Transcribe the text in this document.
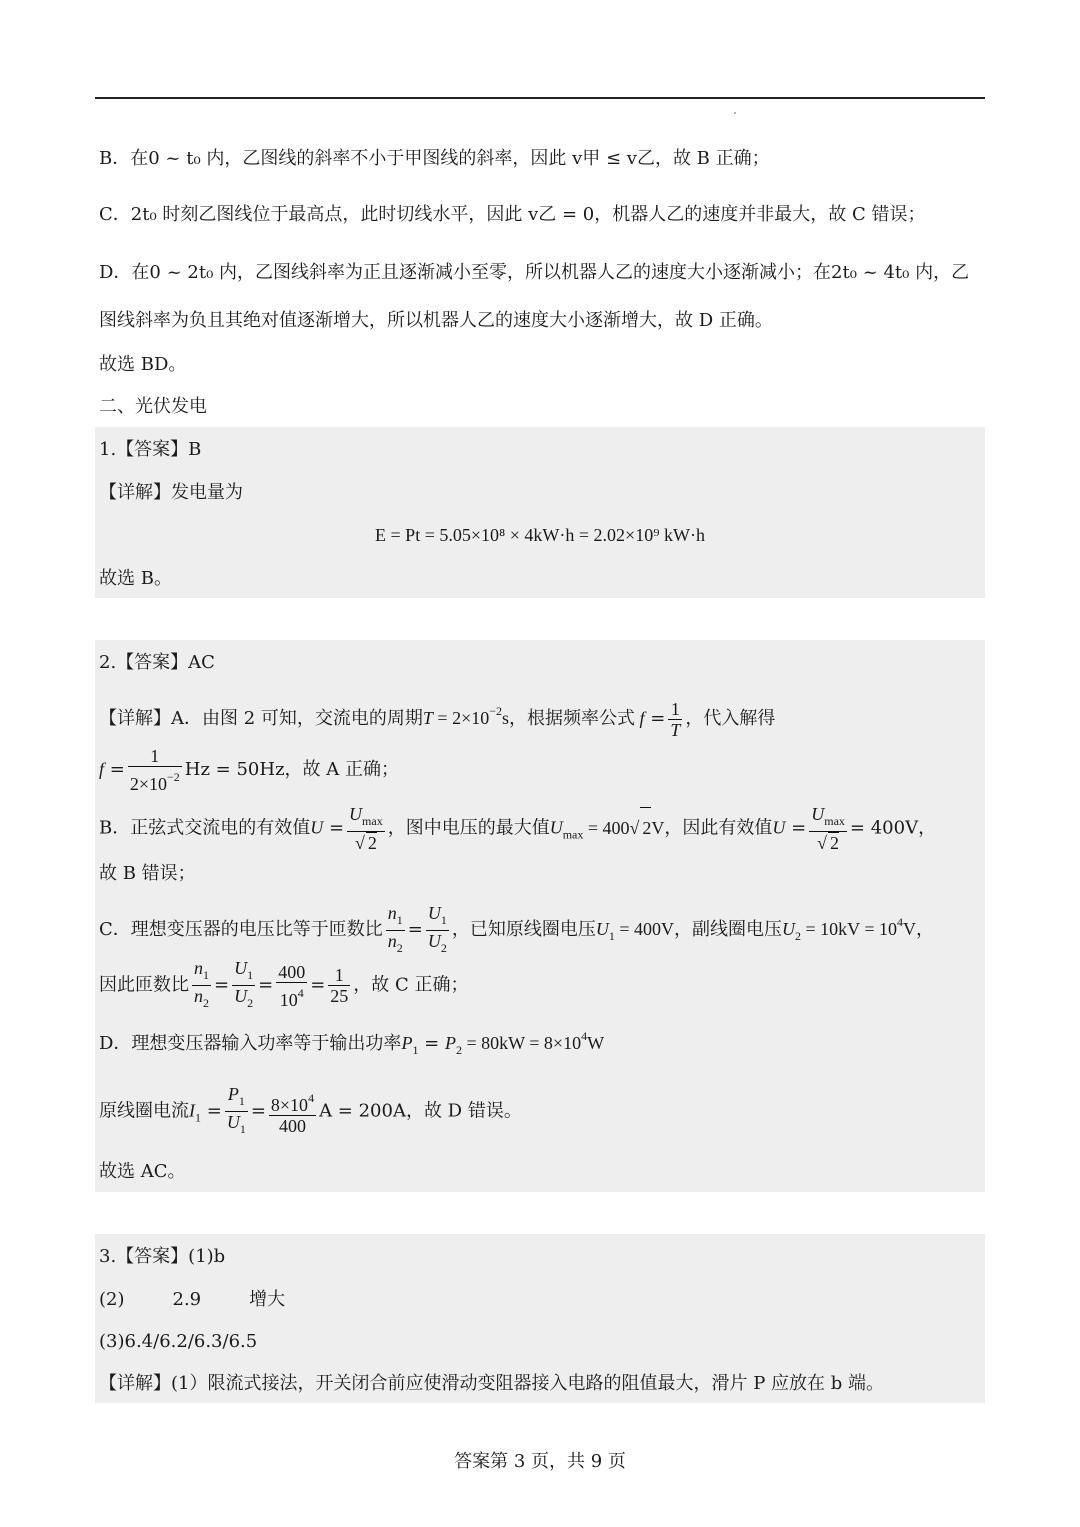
B．在0 ~ t₀ 内，乙图线的斜率不小于甲图线的斜率，因此 v甲 ≤ v乙，故 B 正确；
C．2t₀ 时刻乙图线位于最高点，此时切线水平，因此 v乙 = 0，机器人乙的速度并非最大，故 C 错误；
D．在0 ~ 2t₀ 内，乙图线斜率为正且逐渐减小至零，所以机器人乙的速度大小逐渐减小；在2t₀ ~ 4t₀ 内，乙
图线斜率为负且其绝对值逐渐增大，所以机器人乙的速度大小逐渐增大，故 D 正确。
故选 BD。
二、光伏发电
1.【答案】B
【详解】发电量为
E = Pt = 5.05×10⁸ × 4kW·h = 2.02×10⁹ kW·h
故选 B。
2.【答案】AC
【详解】A．由图 2 可知，交流电的周期$T = 2\times 10^{-2}s$，根据频率公式 $f = \frac{1}{T}$ ，代入解得
$f = \frac{1}{2\times 10^{-2}}$ Hz = 50Hz，故 A 正确；
B．正弦式交流电的有效值$U = \frac{U_{max}}{√ 2}$ ，图中电压的最大值$U_{max} = 400√$ 2V，因此有效值$U = \frac{U_{max}}{√ 2} = 400V$，
故 B 错误；
C．理想变压器的电压比等于匝数比 $\frac{n_1}{n_2} = \frac{U_1}{U_2}$ ，已知原线圈电压$U_1 = 400V$，副线圈电压$U_2 = 10kV = 10^4V$，
因此匝数比 $\frac{n_1}{n_2} = \frac{U_1}{U_2} = \frac{400}{10^4} = \frac{1}{25}$ ，故 C 正确；
D．理想变压器输入功率等于输出功率$P_1 = P_2 = 80kW = 8\times 10^4W$
原线圈电流$I_1 = \frac{P_1}{U_1} = \frac{8\times 10^4}{400}$ A = 200A，故 D 错误。
故选 AC。
3.【答案】(1)b
(2)	2.9	增大
(3)6.4/6.2/6.3/6.5
【详解】(1）限流式接法，开关闭合前应使滑动变阻器接入电路的阻值最大，滑片 P 应放在 b 端。
答案第 3 页，共 9 页
